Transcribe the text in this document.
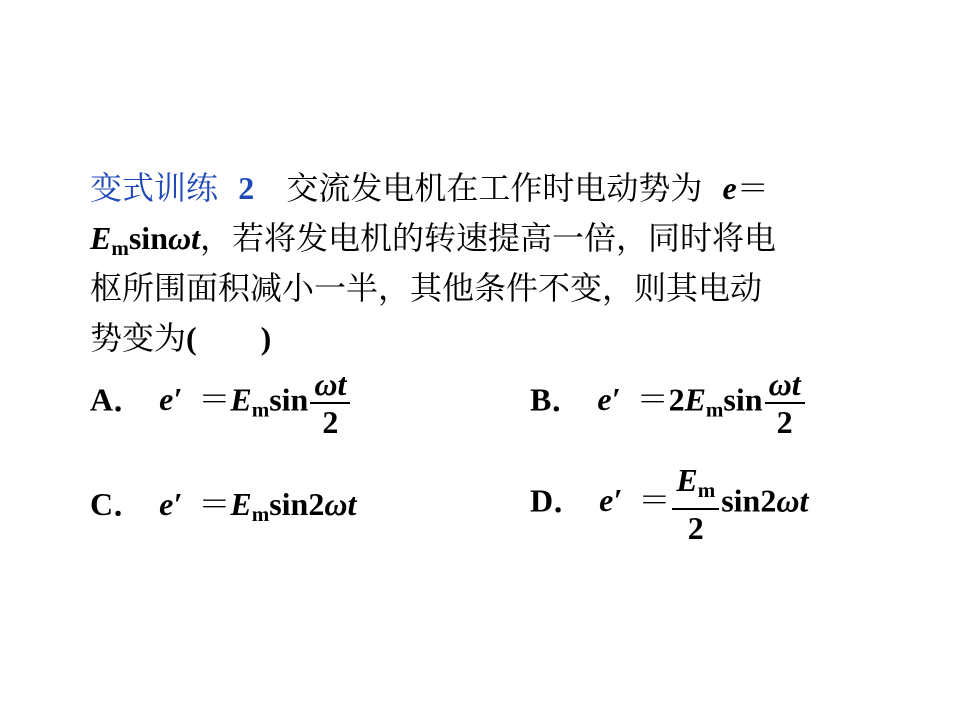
变式训练 2 交流发电机在工作时电动势为 e＝
$E_m\sin\omega t$，若将发电机的转速提高一倍，同时将电
枢所围面积减小一半，其他条件不变，则其电动
势变为(　　)
A． $e' =E_m\sin \frac{\omega t}{2}$	B． $e' =2E_m\sin \frac{\omega t}{2}$
C． $e' =E_m\sin 2\omega t$	D． $e' = \frac{E_m}{2} \sin 2\omega t$
